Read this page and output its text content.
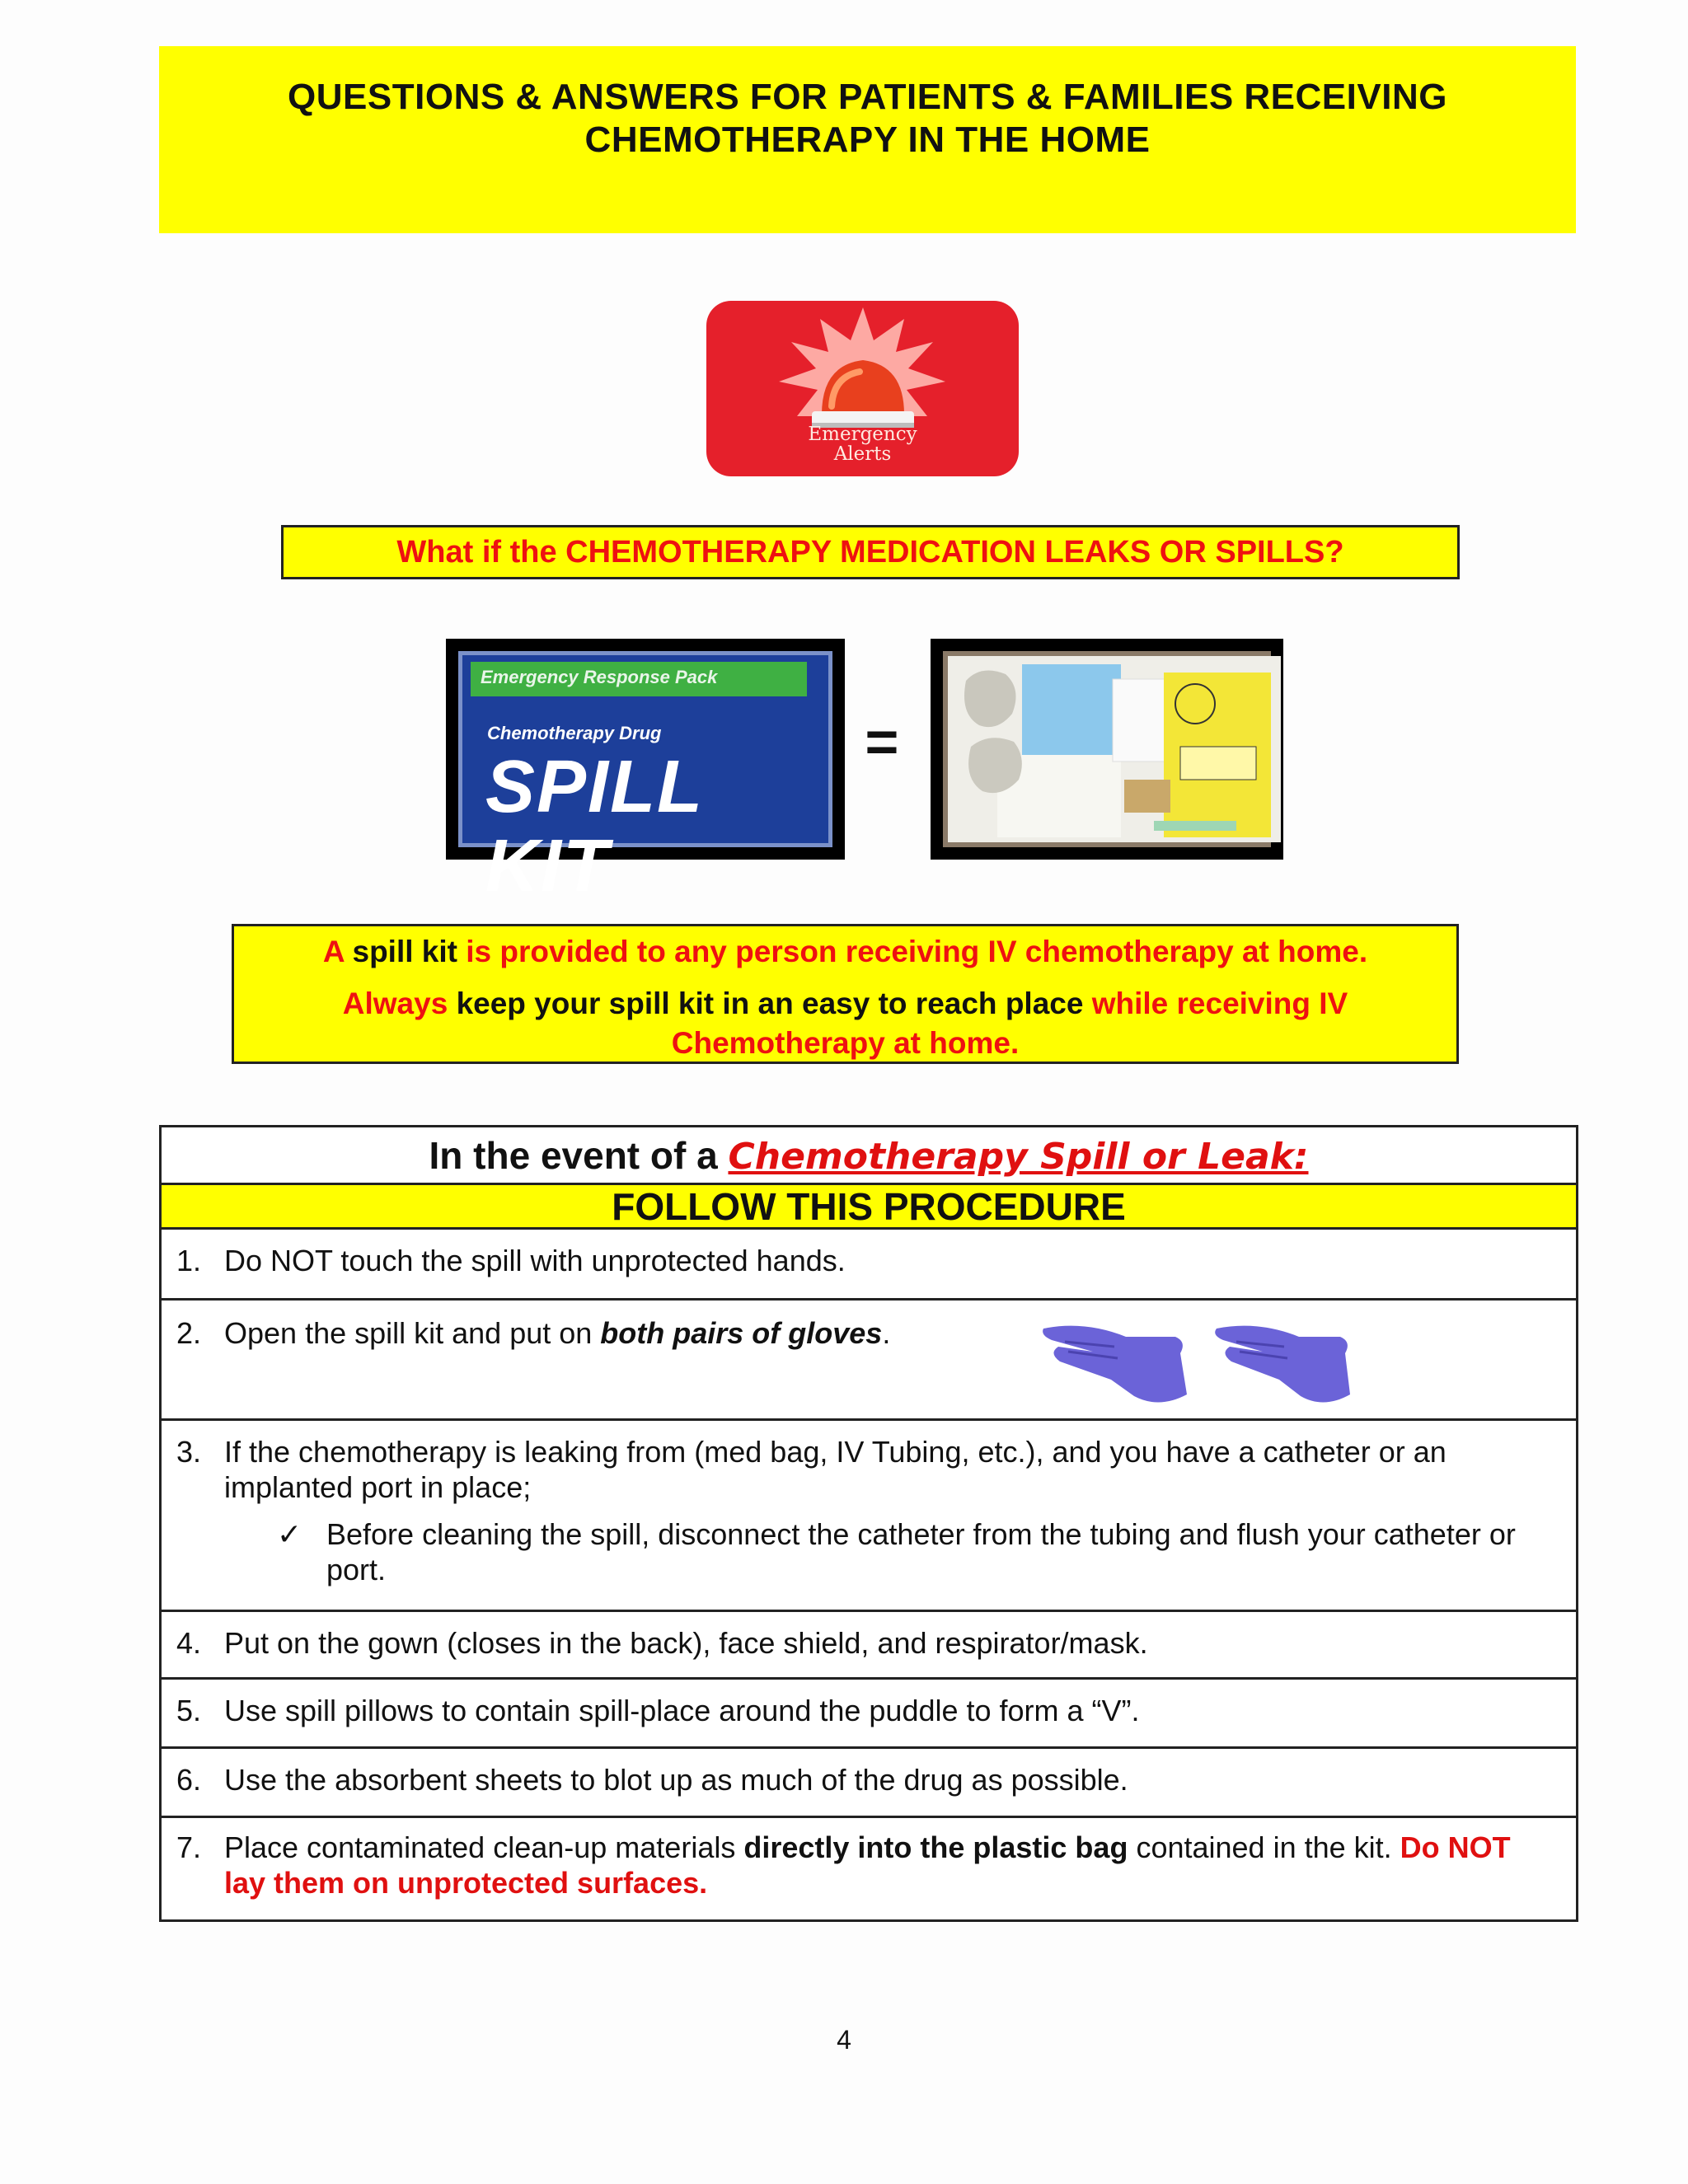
QUESTIONS & ANSWERS FOR PATIENTS & FAMILIES RECEIVING
CHEMOTHERAPY IN THE HOME
Emergency
Alerts
What if the CHEMOTHERAPY MEDICATION LEAKS OR SPILLS?
Emergency Response Pack
Chemotherapy Drug
SPILL KIT
=
A spill kit is provided to any person receiving IV chemotherapy at home.
Always keep your spill kit in an easy to reach place while receiving IV
Chemotherapy at home.
In the event of a Chemotherapy Spill or Leak:
FOLLOW THIS PROCEDURE

1. Do NOT touch the spill with unprotected hands.

2. Open the spill kit and put on both pairs of gloves.

3. If the chemotherapy is leaking from (med bag, IV Tubing, etc.), and you have a catheter or an implanted port in place;
✓ Before cleaning the spill, disconnect the catheter from the tubing and flush your catheter or port.

4. Put on the gown (closes in the back), face shield, and respirator/mask.

5. Use spill pillows to contain spill-place around the puddle to form a “V”.

6. Use the absorbent sheets to blot up as much of the drug as possible.

7. Place contaminated clean-up materials directly into the plastic bag contained in the kit. Do NOT lay them on unprotected surfaces.
4
